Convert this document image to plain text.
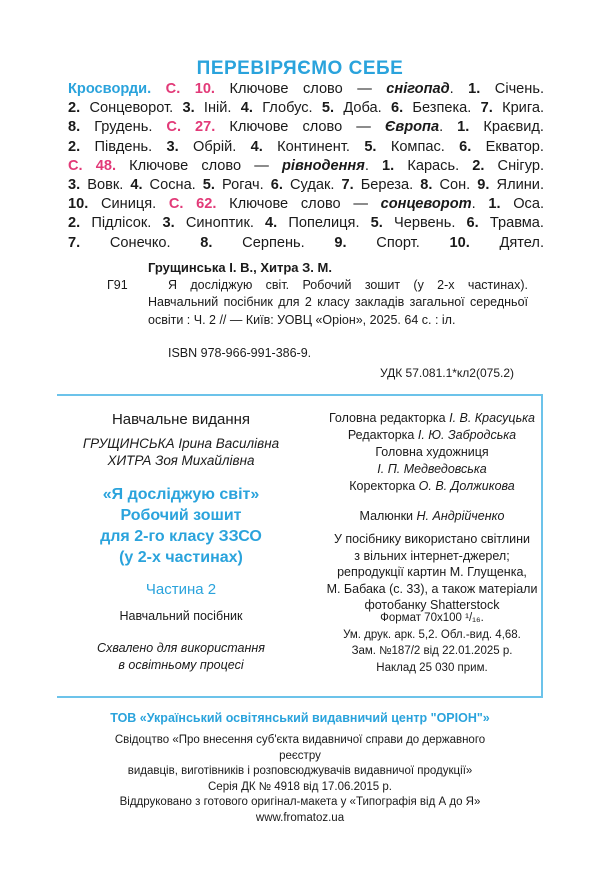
ПЕРЕВІРЯЄМО СЕБЕ
Кросворди. С. 10. Ключове слово — снігопад. 1. Січень.
2. Сонцеворот. 3. Іній. 4. Глобус. 5. Доба. 6. Безпека. 7. Крига.
8. Грудень. С. 27. Ключове слово — Європа. 1. Краєвид.
2. Південь. 3. Обрій. 4. Континент. 5. Компас. 6. Екватор.
С. 48. Ключове слово — рівнодення. 1. Карась. 2. Снігур.
3. Вовк. 4. Сосна. 5. Рогач. 6. Судак. 7. Береза. 8. Сон. 9. Ялини.
10. Синиця. С. 62. Ключове слово — сонцеворот. 1. Оса.
2. Підлісок. 3. Синоптик. 4. Попелиця. 5. Червень. 6. Травма.
7. Сонечко. 8. Серпень. 9. Спорт. 10. Дятел.
Грущинська І. В., Хитра З. М.
Г91	Я досліджую світ. Робочий зошит (у 2-х частинах). Навчальний посібник для 2 класу закладів загальної середньої освіти : Ч. 2 // — Київ: УОВЦ «Оріон», 2025. 64 с. : іл.
ISBN 978-966-991-386-9.
УДК 57.081.1*кл2(075.2)
Навчальне видання
ГРУЩИНСЬКА Ірина Василівна
ХИТРА Зоя Михайлівна
«Я досліджую світ»
Робочий зошит
для 2-го класу ЗЗСО
(у 2-х частинах)
Частина 2
Навчальний посібник
Схвалено для використання
в освітньому процесі
Головна редакторка І. В. Красуцька
Редакторка І. Ю. Забродська
Головна художниця
І. П. Медведовська
Коректорка О. В. Должикова
Малюнки Н. Андрійченко
У посібнику використано світлини
з вільних інтернет-джерел;
репродукції картин М. Глущенка,
М. Бабака (с. 33), а також матеріали
фотобанку Shatterstock
Формат 70х100 ¹/₁₆.
Ум. друк. арк. 5,2. Обл.-вид. 4,68.
Зам. №187/2 від 22.01.2025 р.
Наклад 25 030 прим.
ТОВ «Український освітянський видавничий центр "ОРІОН"»
Свідоцтво «Про внесення суб'єкта видавничої справи до державного реєстру
видавців, виготівників і розповсюджувачів видавничої продукції»
Серія ДК № 4918 від 17.06.2015 р.
Віддруковано з готового оригінал-макета у «Типографія від А до Я»
www.fromatoz.ua
